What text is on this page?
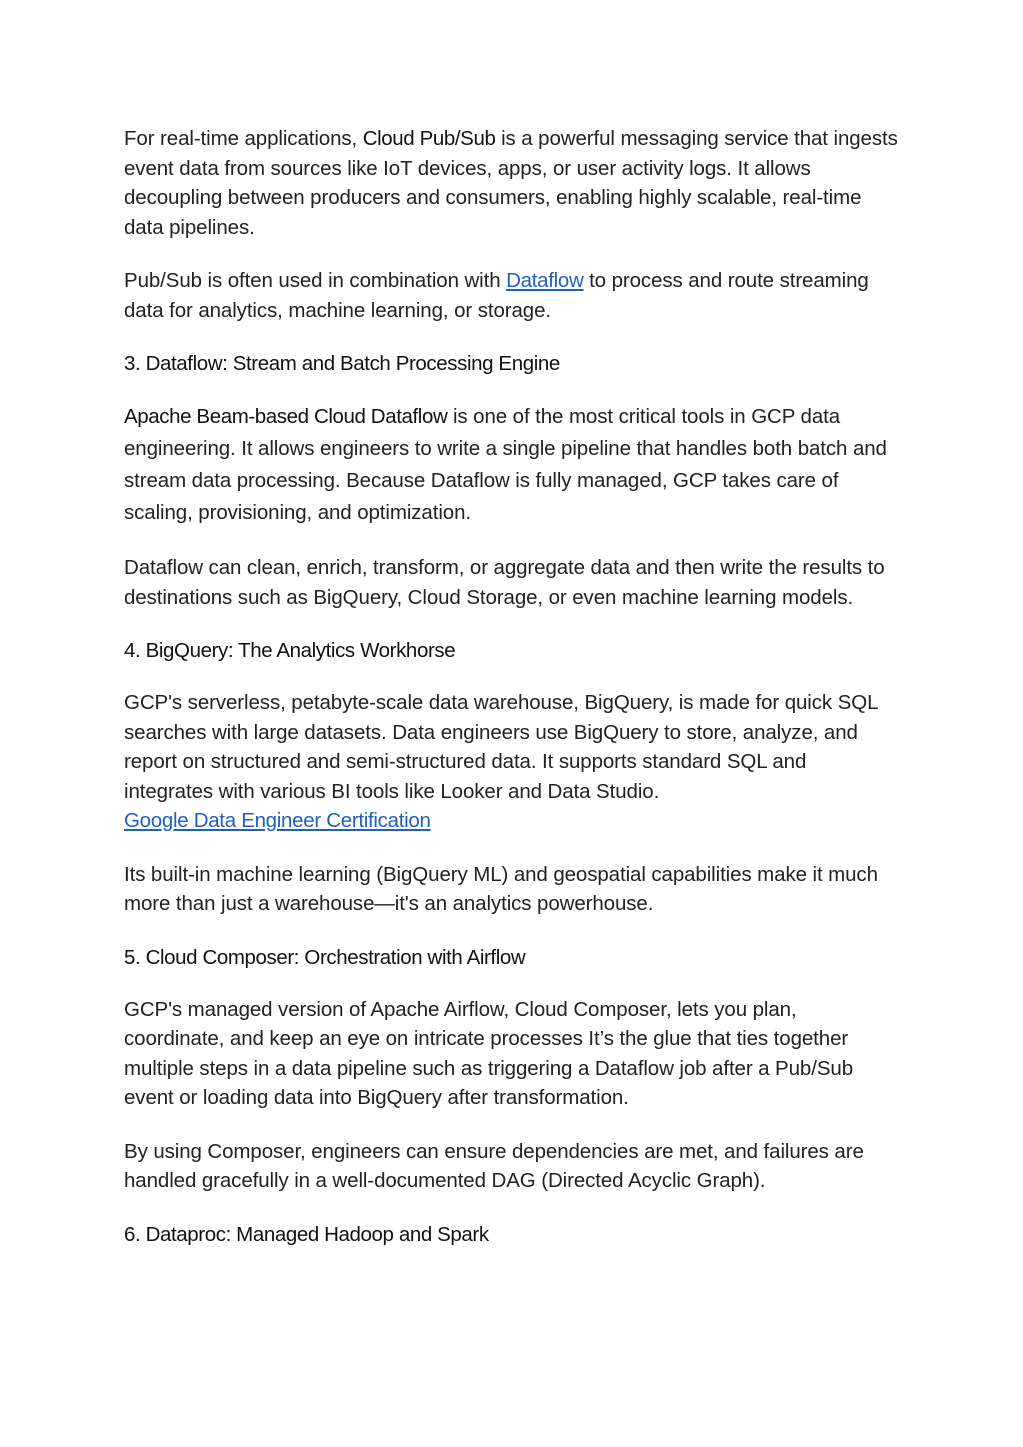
For real-time applications, Cloud Pub/Sub is a powerful messaging service that ingests event data from sources like IoT devices, apps, or user activity logs. It allows decoupling between producers and consumers, enabling highly scalable, real-time data pipelines.

Pub/Sub is often used in combination with Dataflow to process and route streaming data for analytics, machine learning, or storage.

3. Dataflow: Stream and Batch Processing Engine

Apache Beam-based Cloud Dataflow is one of the most critical tools in GCP data engineering. It allows engineers to write a single pipeline that handles both batch and stream data processing. Because Dataflow is fully managed, GCP takes care of scaling, provisioning, and optimization.

Dataflow can clean, enrich, transform, or aggregate data and then write the results to destinations such as BigQuery, Cloud Storage, or even machine learning models.

4. BigQuery: The Analytics Workhorse

GCP's serverless, petabyte-scale data warehouse, BigQuery, is made for quick SQL searches with large datasets. Data engineers use BigQuery to store, analyze, and report on structured and semi-structured data. It supports standard SQL and integrates with various BI tools like Looker and Data Studio.
Google Data Engineer Certification

Its built-in machine learning (BigQuery ML) and geospatial capabilities make it much more than just a warehouse—it's an analytics powerhouse.

5. Cloud Composer: Orchestration with Airflow

GCP's managed version of Apache Airflow, Cloud Composer, lets you plan, coordinate, and keep an eye on intricate processes It’s the glue that ties together multiple steps in a data pipeline such as triggering a Dataflow job after a Pub/Sub event or loading data into BigQuery after transformation.

By using Composer, engineers can ensure dependencies are met, and failures are handled gracefully in a well-documented DAG (Directed Acyclic Graph).

6. Dataproc: Managed Hadoop and Spark
